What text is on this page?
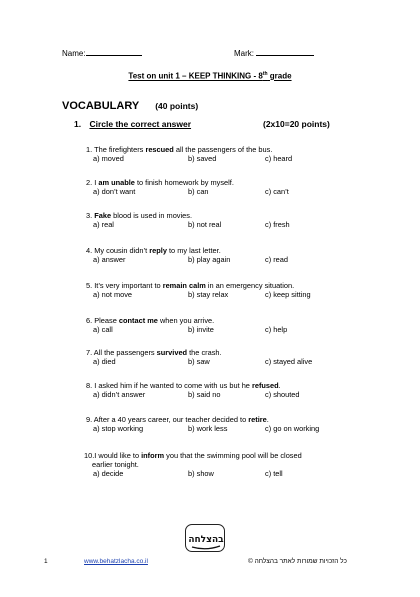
Name:	Mark:
Test on unit 1 – KEEP THINKING - 8th grade
VOCABULARY (40 points)
1. Circle the correct answer	(2x10=20 points)
1. The firefighters rescued all the passengers of the bus.
a) moved	b) saved	c) heard
2. I am unable to finish homework by myself.
a) don’t want	b) can	c) can’t
3. Fake blood is used in movies.
a) real	b) not real	c) fresh
4. My cousin didn’t reply to my last letter.
a) answer	b) play again	c) read
5. It’s very important to remain calm in an emergency situation.
a) not move	b) stay relax	c) keep sitting
6. Please contact me when you arrive.
a) call	b) invite	c) help
7. All the passengers survived the crash.
a) died	b) saw	c) stayed alive
8. I asked him if he wanted to come with us but he refused.
a) didn’t answer	b) said no	c) shouted
9. After a 40 years career, our teacher decided to retire.
a) stop working	b) work less	c) go on working
10.I would like to inform you that the swimming pool will be closed
earlier tonight.
a) decide	b) show	c) tell
בהצלחה
1	www.behatzlacha.co.il	כל הזכויות שמורות לאתר בהצלחה ©
